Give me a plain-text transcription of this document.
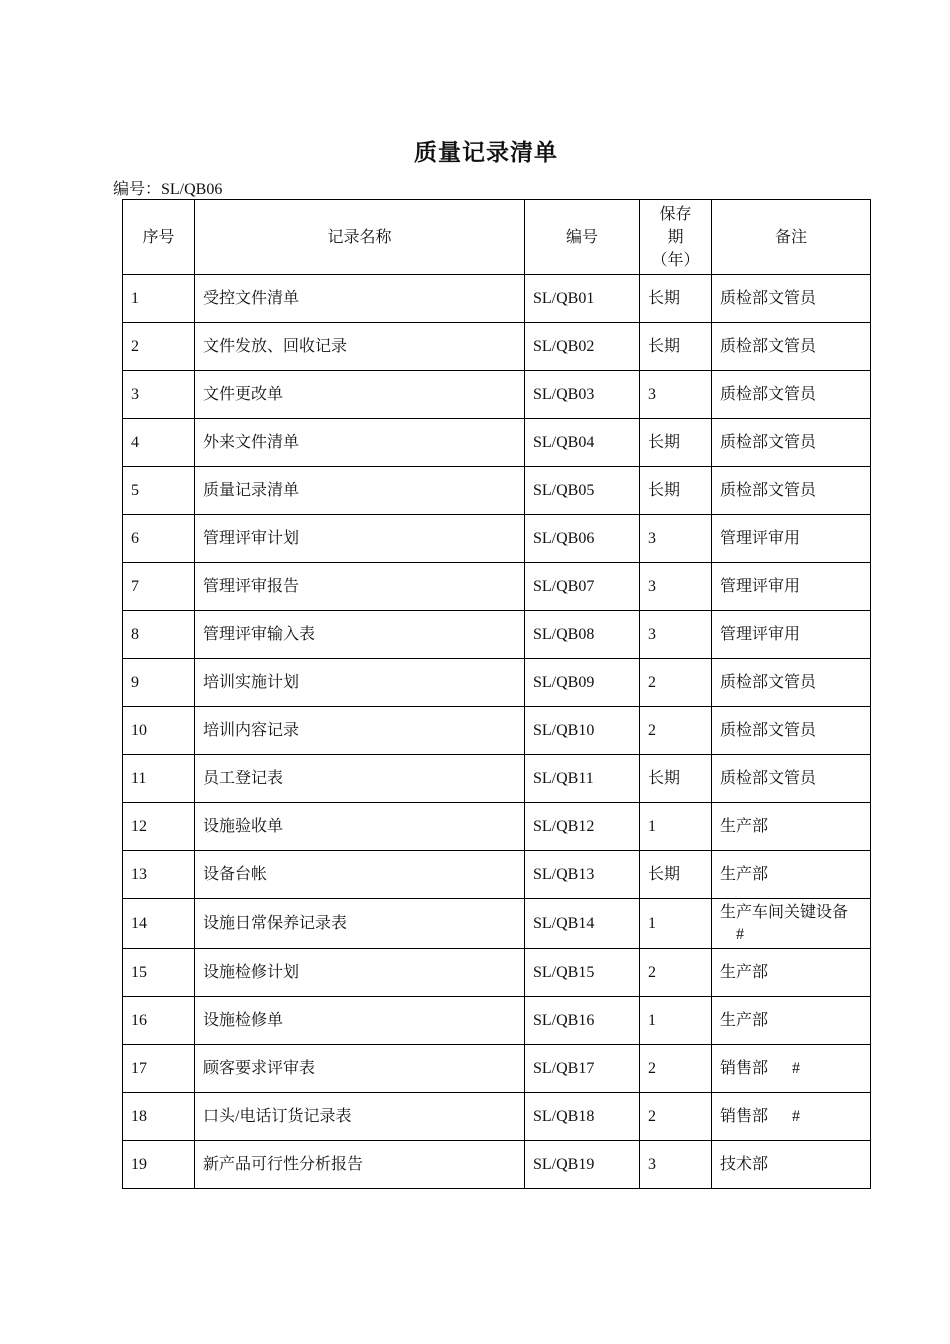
质量记录清单
编号：SL/QB06
序号	记录名称	编号	保存
期
（年）	备注
1	受控文件清单	SL/QB01	长期	质检部文管员
2	文件发放、回收记录	SL/QB02	长期	质检部文管员
3	文件更改单	SL/QB03	3	质检部文管员
4	外来文件清单	SL/QB04	长期	质检部文管员
5	质量记录清单	SL/QB05	长期	质检部文管员
6	管理评审计划	SL/QB06	3	管理评审用
7	管理评审报告	SL/QB07	3	管理评审用
8	管理评审输入表	SL/QB08	3	管理评审用
9	培训实施计划	SL/QB09	2	质检部文管员
10	培训内容记录	SL/QB10	2	质检部文管员
11	员工登记表	SL/QB11	长期	质检部文管员
12	设施验收单	SL/QB12	1	生产部
13	设备台帐	SL/QB13	长期	生产部
14	设施日常保养记录表	SL/QB14	1	生产车间关键设备
#
15	设施检修计划	SL/QB15	2	生产部
16	设施检修单	SL/QB16	1	生产部
17	顾客要求评审表	SL/QB17	2	销售部      #
18	口头/电话订货记录表	SL/QB18	2	销售部      #
19	新产品可行性分析报告	SL/QB19	3	技术部
